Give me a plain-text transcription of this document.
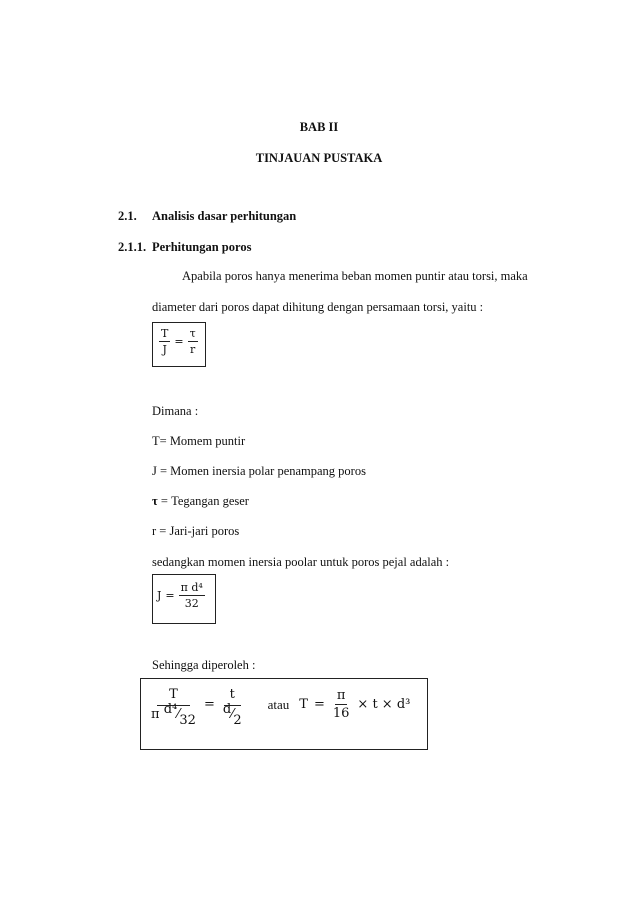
BAB II
TINJAUAN PUSTAKA
2.1. Analisis dasar perhitungan
2.1.1. Perhitungan poros
Apabila poros hanya menerima beban momen puntir atau torsi, maka
diameter dari poros dapat dihitung dengan persamaan torsi, yaitu :
$\frac{T}{J} = \frac{\tau}{r}$
Dimana :
T= Momem puntir
J = Momen inersia polar penampang poros
τ = Tegangan geser
r = Jari-jari poros
sedangkan momen inersia poolar untuk poros pejal adalah :
$J = \frac{\text{π d⁴}}{32}$
Sehingga diperoleh :
$\frac{T}{\text{π d⁴ ⁄ 32}} = \frac{t}{d ⁄ 2}$ atau $T = \frac{\pi}{16} \times t \times d^3$
